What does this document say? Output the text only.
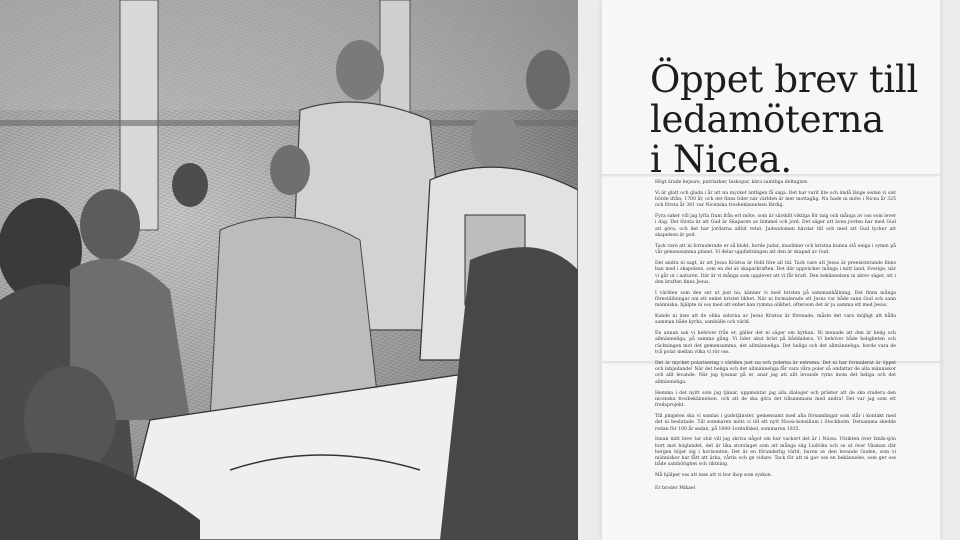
Öppet brev till
ledamöterna
i Nicea.

Högt ärade kejsare, patriarker, biskopar, kära samtliga deltagare.

Vi är glatt och glada i år att nu mycket äntligen få säga. Det har varit lite och ändå länge sedan vi sist hörde ifrån, 1700 år, och det finns tider när världen är mer mottaglig. Nu hade ni möte i Nicea år 325 och första år 381 var Nicenska trosbekännelsen färdig.

Fyra saker vill jag lyfta fram från ert möte, som är särskilt viktiga för mig och många av oss som lever i dag. Det första är att Gud är Skaparen av himmel och jord. Det säger att även jorden har med Gud att göra, och det har jordarna alltid vetat. Judendomen hävdar till och med att Gud tycker att skapelsen är god.

Tack vare att ni formulerade er så klokt, borde judar, muslimer och kristna kunna stå eniga i synen på vår gemensamma planet. Vi delar uppfattningen att den är skapad av Gud.

Det andra ni sagt, är att Jesus Kristus är född före all tid. Tack vare att Jesus är preexisterande finns han med i skapelsen, som en del av skaparkraften. Det där uppväcker många i mitt land, Sverige, när vi går ut i naturen. Där är vi många som upplever att vi får kraft. Den bekännelsen ni skrev säger, att i den kraften finns Jesus.

I världen som den ser ut just nu, känner vi med bristen på sammanhållning. Det finns många föreställningar om ett enhet kristet likhet. När ni formulerade att Jesus var både sann Gud och sann människa, hjälpte ni oss med att enhet kan rymma olikhet, oftersom det är ju samma ett med Jesus.

Kunde ni inse att de olika sidorna av Jesus Kristus är förenade, måste det vara möjligt att hålla samman både kyrka, samhälle och värld.

En annan sak vi behöver från er, gäller det ni säger om kyrkan. Ni menade att den är helig och allmänneliga, på samma gång. Vi lider akut brist på båddadera. Vi behöver både heligheten och räckningen mot det gemensamma, det allmänneliga. Det heliga och det allmänneliga, borde vara de två polar mellan vilka vi rör oss.

Det är mycket polarisering i världen just nu och polerna är extrema. Det ni har formulerat är öppet och inbjudande! När det heliga och det allmänneliga får vara våra poler så omfattar de alla människor och allt levande. När jag lyssnar på er, anar jag att allt levande ryms inom det heliga och det allmänneliga.

Hemma i det nyitt som jag tjänar, uppmuntar jag alla dialoger och präster att de ska studera den nicenska trosbekännelsen, och att de ska göra det tillsammans med andra! Det var jag som ett fredsprojekt.

Till pingsten ska vi samlas i gudstjänster, gemensamt med alla församlingar som står i kontakt med det ni beslutade. Till sommaren möts vi till ett nytt Nicea-konsilium i Stockholm. Detsamma skedde redan för 100 år sedan, på 1600-1ordulfskel, sommaren 1925.

Innan mitt brev tar slut vill jag skriva något om hur vackert det är i Nicea. Utsikten över Iznik-sjön bort mot höglandet, det är lika storslaget som att många säg Ludvika och se ut över Väsman där bergen höjer sig i horisonten. Det är en förunderlig värld, buren av den levande Guden, som vi människor har fått att ärka, vårda och ge vidare. Tack för att ni gav oss en bekännelse, som ger oss både samhörighet och riktning.

Må hjälper oss att inse att vi bor ihop som syskon.

Er broder Mikael
